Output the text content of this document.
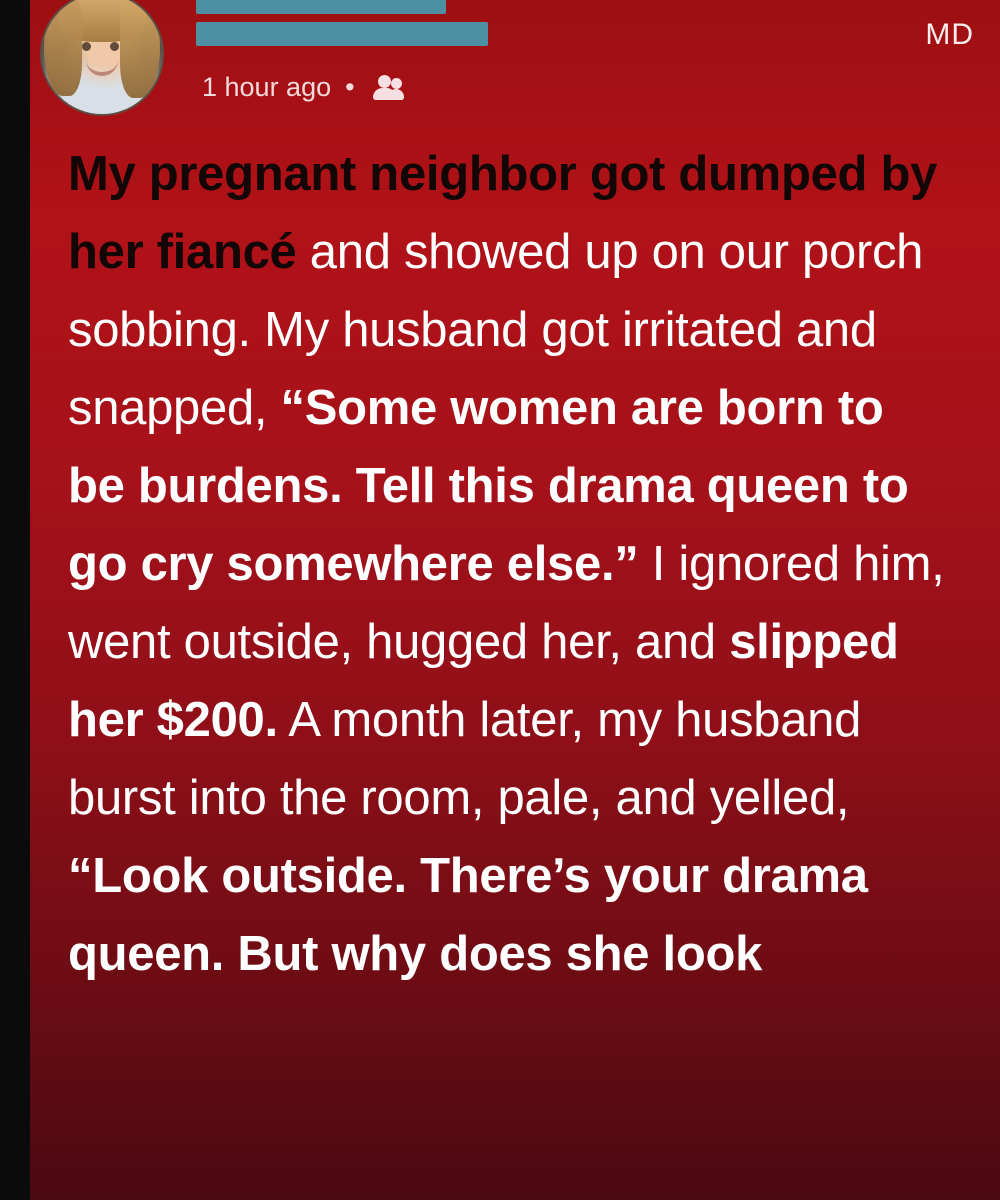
MD
1 hour ago •
My pregnant neighbor got dumped by her fiancé and showed up on our porch sobbing. My husband got irritated and snapped, “Some women are born to be burdens. Tell this drama queen to go cry somewhere else.” I ignored him, went outside, hugged her, and slipped her $200. A month later, my husband burst into the room, pale, and yelled, “Look outside. There’s your drama queen. But why does she look
